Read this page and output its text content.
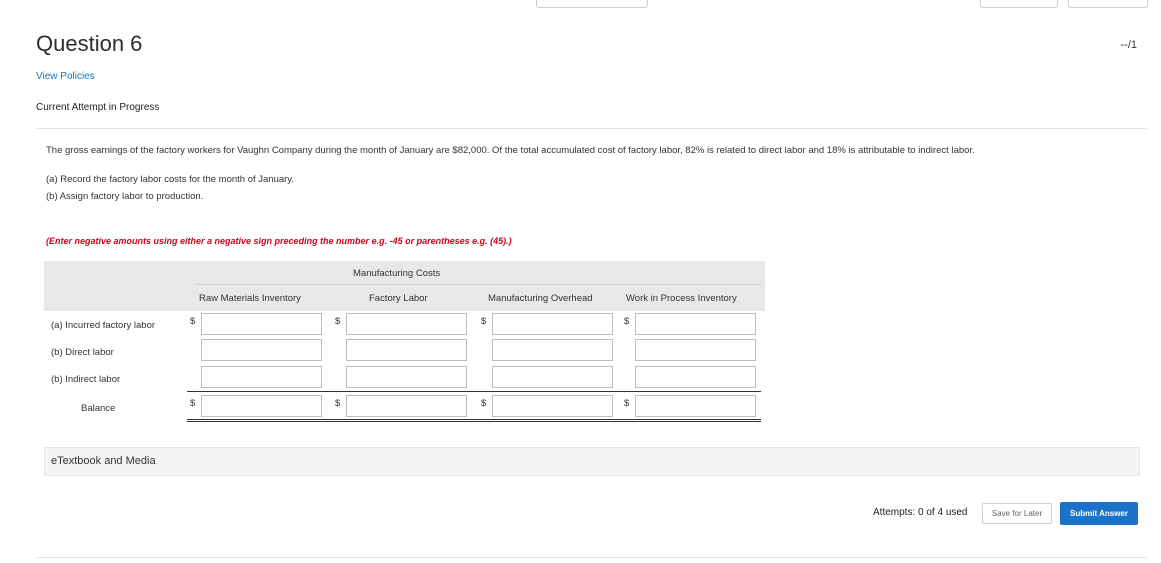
Question 6	--/1
View Policies
Current Attempt in Progress
The gross earnings of the factory workers for Vaughn Company during the month of January are $82,000. Of the total accumulated cost of factory labor, 82% is related to direct labor and 18% is attributable to indirect labor.
(a) Record the factory labor costs for the month of January.
(b) Assign factory labor to production.
(Enter negative amounts using either a negative sign preceding the number e.g. -45 or parentheses e.g. (45).)
Manufacturing Costs
Raw Materials Inventory	Factory Labor	Manufacturing Overhead	Work in Process Inventory
(a) Incurred factory labor	$	$	$	$
(b) Direct labor
(b) Indirect labor
Balance	$	$	$	$
eTextbook and Media
Attempts: 0 of 4 used	Save for Later	Submit Answer
